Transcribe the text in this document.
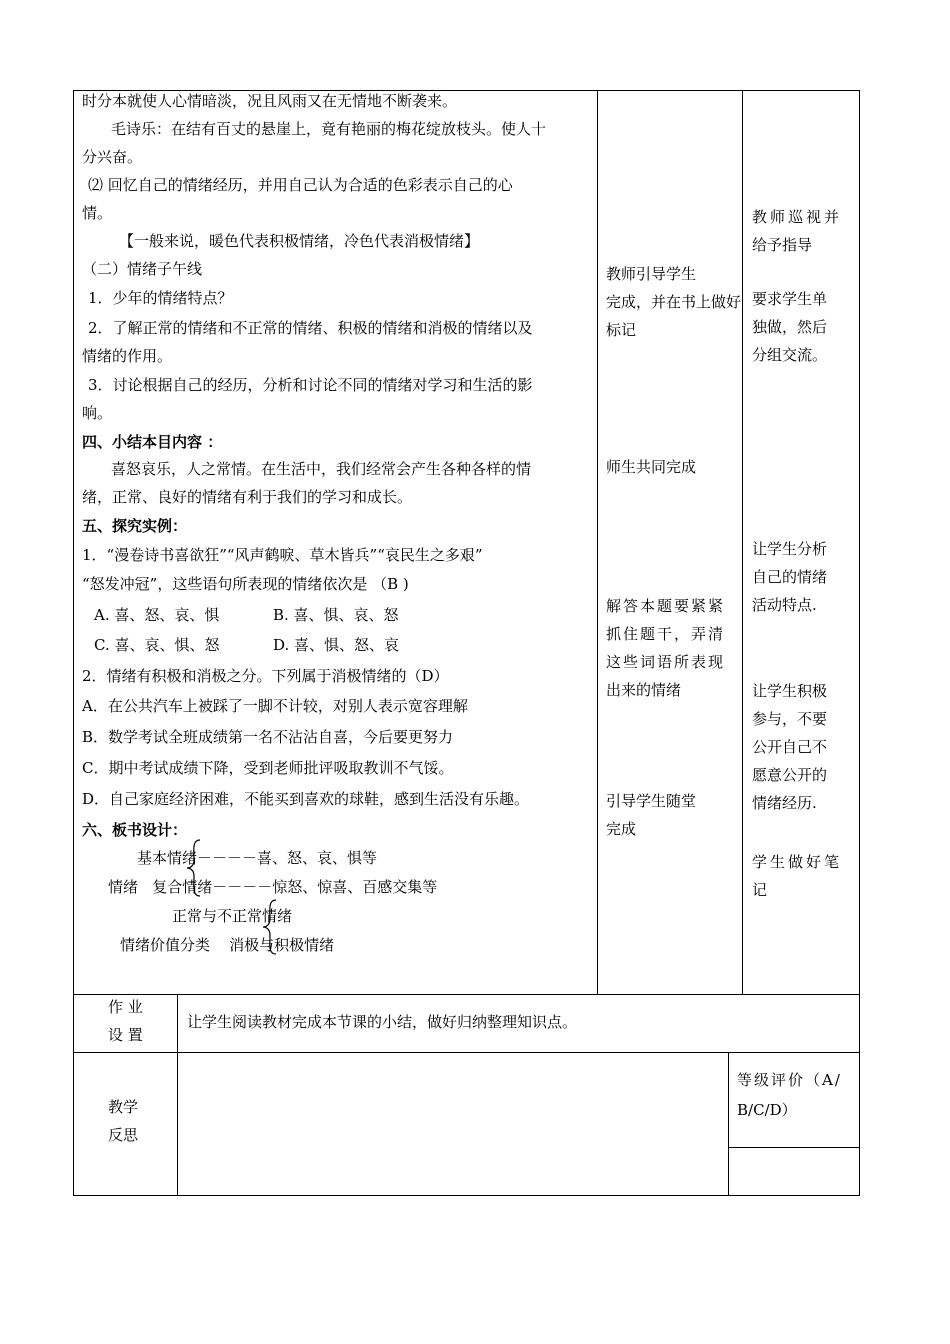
时分本就使人心情暗淡，况且风雨又在无情地不断袭来。
毛诗乐：在结有百丈的悬崖上，竟有艳丽的梅花绽放枝头。使人十
分兴奋。
⑵ 回忆自己的情绪经历，并用自己认为合适的色彩表示自己的心
情。
【一般来说，暖色代表积极情绪，冷色代表消极情绪】
（二）情绪子午线
1．少年的情绪特点？
2．了解正常的情绪和不正常的情绪、积极的情绪和消极的情绪以及
情绪的作用。
3．讨论根据自己的经历，分析和讨论不同的情绪对学习和生活的影
响。
四、小结本目内容 ：
喜怒哀乐，人之常情。在生活中，我们经常会产生各种各样的情
绪，正常、良好的情绪有利于我们的学习和成长。
五、探究实例：
1．“漫卷诗书喜欲狂”“风声鹤唳、草木皆兵”“哀民生之多艰”
“怒发冲冠”，这些语句所表现的情绪依次是 （B )
A. 喜、怒、哀、惧	B. 喜、惧、哀、怒
C. 喜、哀、惧、怒	D. 喜、惧、怒、哀
2．情绪有积极和消极之分。下列属于消极情绪的（D）
A．在公共汽车上被踩了一脚不计较，对别人表示宽容理解
B．数学考试全班成绩第一名不沾沾自喜，今后要更努力
C．期中考试成绩下降，受到老师批评吸取教训不气馁。
D．自己家庭经济困难，不能买到喜欢的球鞋，感到生活没有乐趣。
六、板书设计：
基本情绪－－－－喜、怒、哀、惧等
情绪   复合情绪－－－－惊怒、惊喜、百感交集等
正常与不正常情绪
情绪价值分类    消极与积极情绪
教师引导学生
完成，并在书上做好
标记
师生共同完成
解答本题要紧紧
抓住题干，弄清
这些词语所表现
出来的情绪
引导学生随堂
完成
教师巡视并
给予指导
要求学生单
独做，然后
分组交流。
让学生分析
自己的情绪
活动特点.
让学生积极
参与，不要
公开自己不
愿意公开的
情绪经历.
学生做好笔
记
作 业
设 置
让学生阅读教材完成本节课的小结，做好归纳整理知识点。
教学
反思
等级评价（A/
B/C/D）
